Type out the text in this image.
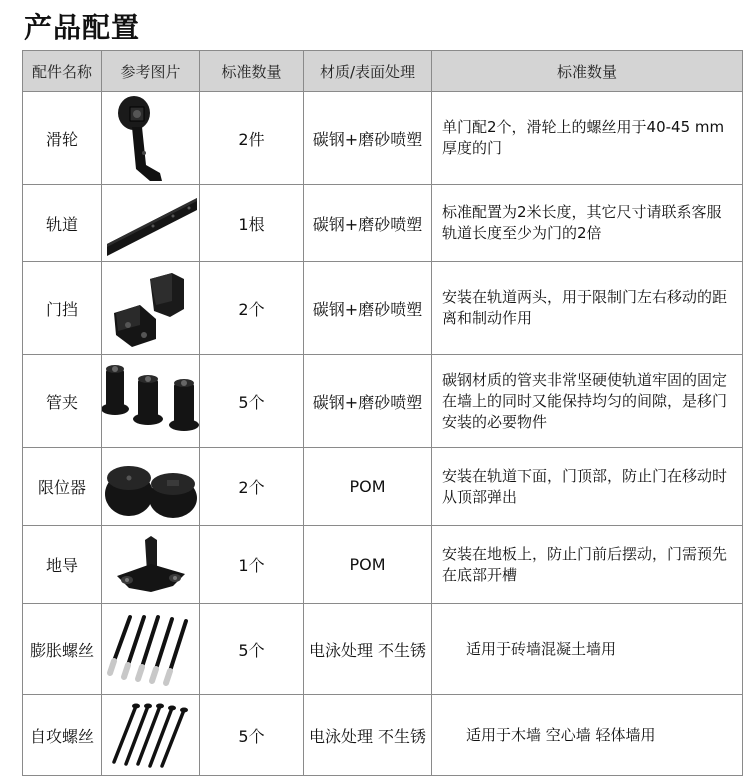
产品配置
配件名称	参考图片	标准数量	材质/表面处理	标准数量
滑轮		2件	碳钢+磨砂喷塑	单门配2个，滑轮上的螺丝用于40-45 mm厚度的门
轨道		1根	碳钢+磨砂喷塑	标准配置为2米长度，其它尺寸请联系客服轨道长度至少为门的2倍
门挡		2个	碳钢+磨砂喷塑	安装在轨道两头，用于限制门左右移动的距离和制动作用
管夹		5个	碳钢+磨砂喷塑	碳钢材质的管夹非常坚硬使轨道牢固的固定在墙上的同时又能保持均匀的间隙，是移门安装的必要物件
限位器		2个	POM	安装在轨道下面，门顶部，防止门在移动时从顶部弹出
地导		1个	POM	安装在地板上，防止门前后摆动，门需预先在底部开槽
膨胀螺丝		5个	电泳处理 不生锈	适用于砖墙混凝土墙用
自攻螺丝		5个	电泳处理 不生锈	适用于木墙 空心墙 轻体墙用
